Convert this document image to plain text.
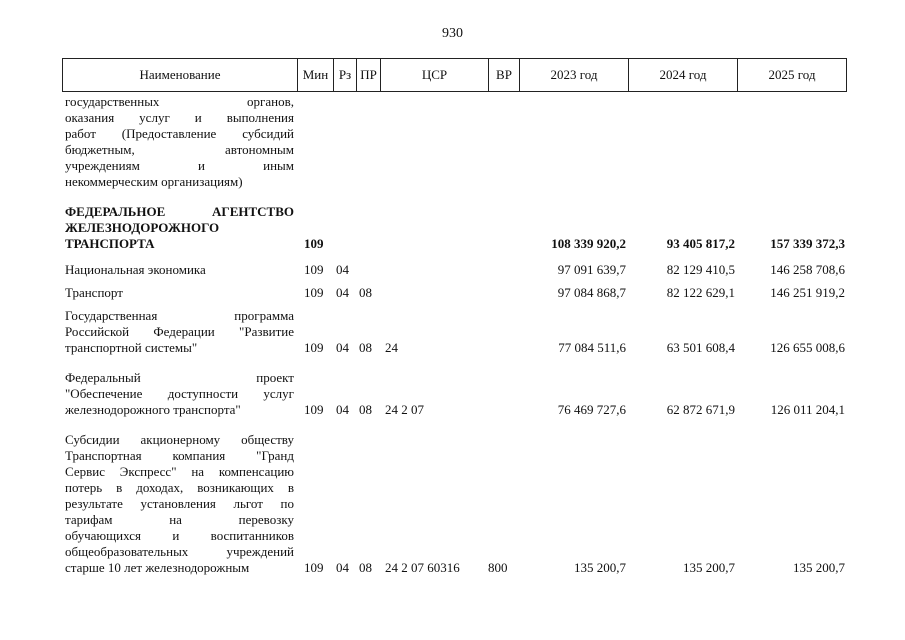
930
Наименование	Мин Рз ПР	ЦСР	ВР	2023 год	2024 год	2025 год
государственных органов,
оказания услуг и выполнения
работ (Предоставление субсидий
бюджетным, автономным
учреждениям и иным
некоммерческим организациям)
ФЕДЕРАЛЬНОЕ АГЕНТСТВО
ЖЕЛЕЗНОДОРОЖНОГО
ТРАНСПОРТА	109	108 339 920,2	93 405 817,2	157 339 372,3
Национальная экономика	109 04	97 091 639,7	82 129 410,5	146 258 708,6
Транспорт	109 04 08	97 084 868,7	82 122 629,1	146 251 919,2
Государственная программа
Российской Федерации "Развитие
транспортной системы"	109 04 08	24	77 084 511,6	63 501 608,4	126 655 008,6
Федеральный проект
"Обеспечение доступности услуг
железнодорожного транспорта"	109 04 08	24 2 07	76 469 727,6	62 872 671,9	126 011 204,1
Субсидии акционерному обществу
Транспортная компания "Гранд
Сервис Экспресс" на компенсацию
потерь в доходах, возникающих в
результате установления льгот по
тарифам на перевозку
обучающихся и воспитанников
общеобразовательных учреждений
старше 10 лет железнодорожным	109 04 08	24 2 07 60316	800	135 200,7	135 200,7	135 200,7
